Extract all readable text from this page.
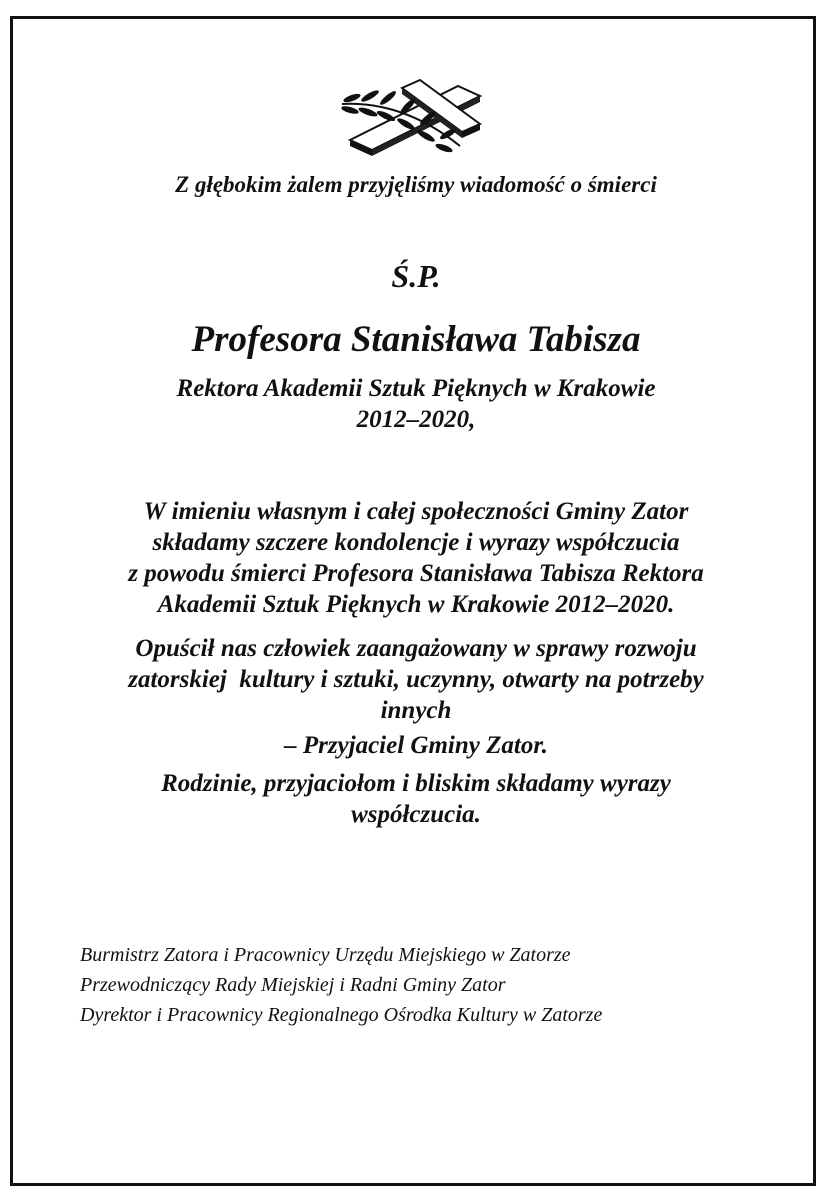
Z głębokim żalem przyjęliśmy wiadomość o śmierci
Ś.P.
Profesora Stanisława Tabisza
Rektora Akademii Sztuk Pięknych w Krakowie
2012–2020,
W imieniu własnym i całej społeczności Gminy Zator
składamy szczere kondolencje i wyrazy współczucia
z powodu śmierci Profesora Stanisława Tabisza Rektora
Akademii Sztuk Pięknych w Krakowie 2012–2020.
Opuścił nas człowiek zaangażowany w sprawy rozwoju
zatorskiej  kultury i sztuki, uczynny, otwarty na potrzeby
innych
– Przyjaciel Gminy Zator.
Rodzinie, przyjaciołom i bliskim składamy wyrazy
współczucia.
Burmistrz Zatora i Pracownicy Urzędu Miejskiego w Zatorze
Przewodniczący Rady Miejskiej i Radni Gminy Zator
Dyrektor i Pracownicy Regionalnego Ośrodka Kultury w Zatorze
